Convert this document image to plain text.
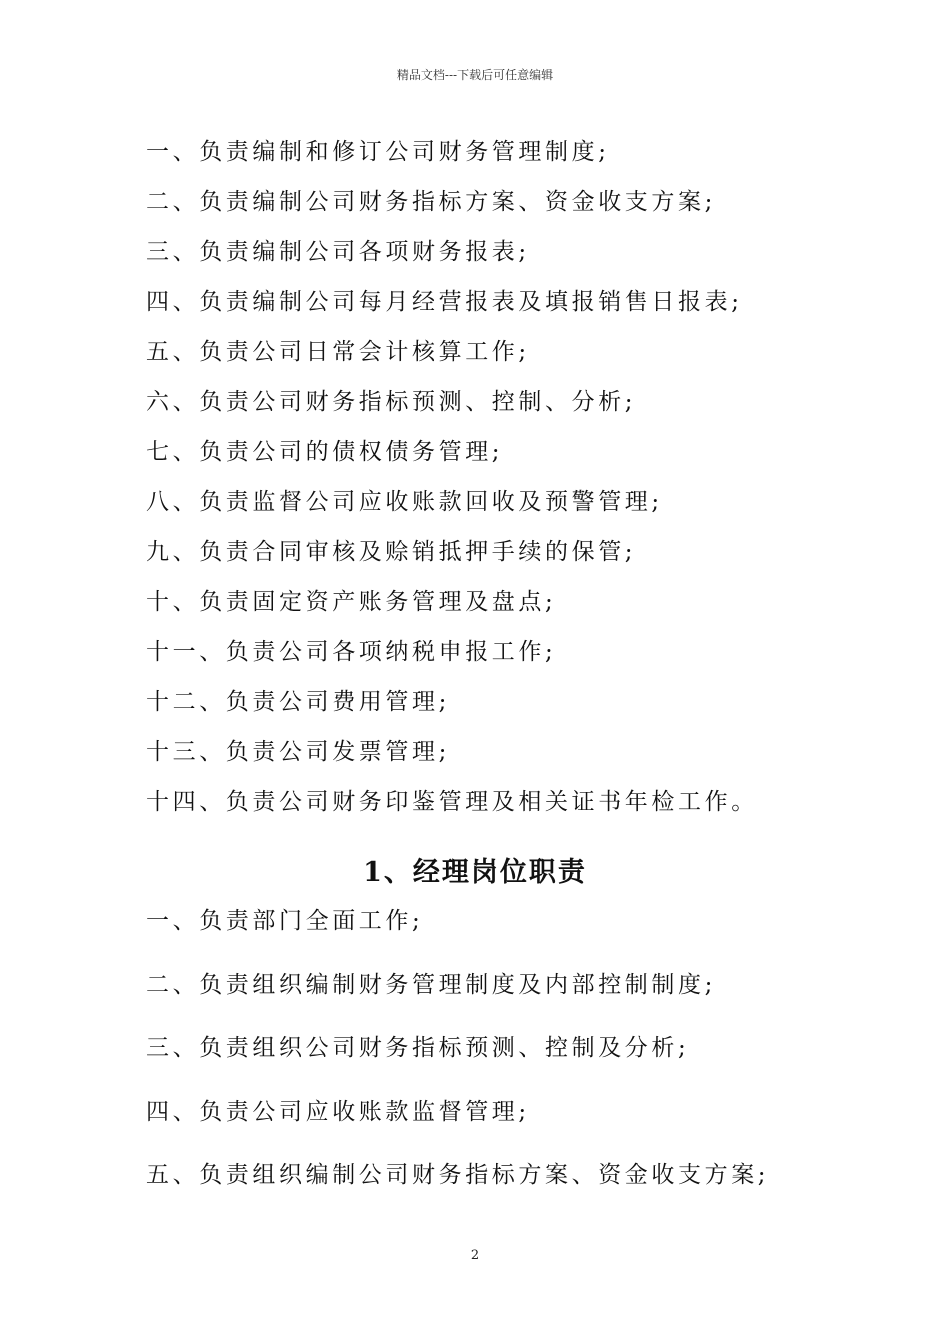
精品文档---下载后可任意编辑
一、负责编制和修订公司财务管理制度;
二、负责编制公司财务指标方案、资金收支方案;
三、负责编制公司各项财务报表;
四、负责编制公司每月经营报表及填报销售日报表;
五、负责公司日常会计核算工作;
六、负责公司财务指标预测、控制、分析;
七、负责公司的债权债务管理;
八、负责监督公司应收账款回收及预警管理;
九、负责合同审核及赊销抵押手续的保管;
十、负责固定资产账务管理及盘点;
十一、负责公司各项纳税申报工作;
十二、负责公司费用管理;
十三、负责公司发票管理;
十四、负责公司财务印鉴管理及相关证书年检工作。
1、经理岗位职责
一、负责部门全面工作;
二、负责组织编制财务管理制度及内部控制制度;
三、负责组织公司财务指标预测、控制及分析;
四、负责公司应收账款监督管理;
五、负责组织编制公司财务指标方案、资金收支方案;
2
